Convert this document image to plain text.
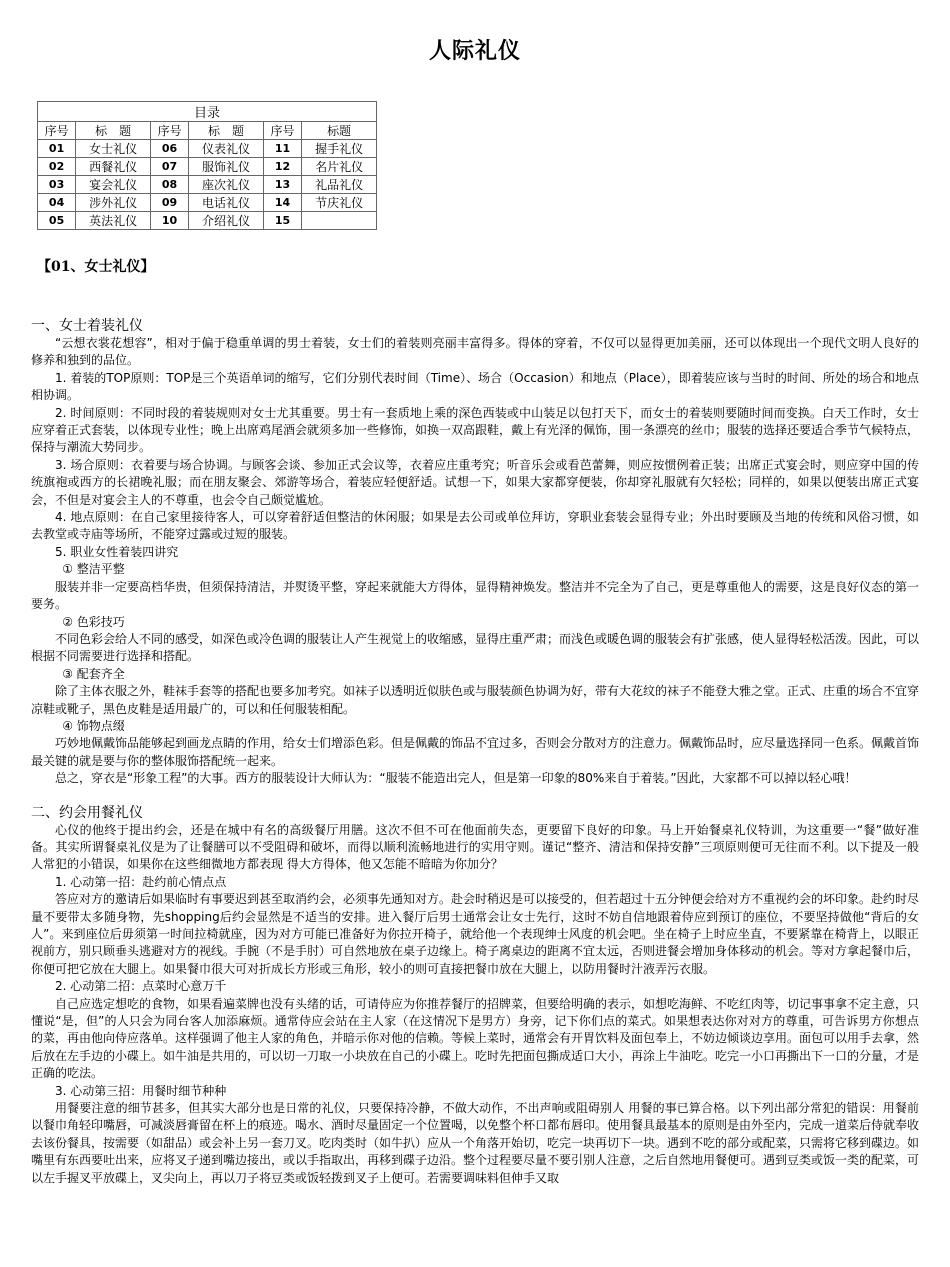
人际礼仪
目录					
序号	标　题	序号	标　题	序号	标题
01	女士礼仪	06	仪表礼仪	11	握手礼仪
02	西餐礼仪	07	服饰礼仪	12	名片礼仪
03	宴会礼仪	08	座次礼仪	13	礼品礼仪
04	涉外礼仪	09	电话礼仪	14	节庆礼仪
05	英法礼仪	10	介绍礼仪	15	
【01、女士礼仪】

一、女士着装礼仪

“云想衣裳花想容”，相对于偏于稳重单调的男士着装，女士们的着装则亮丽丰富得多。得体的穿着，不仅可以显得更加美丽，还可以体现出一个现代文明人良好的修养和独到的品位。

1. 着装的TOP原则：TOP是三个英语单词的缩写，它们分别代表时间（Time）、场合（Occasion）和地点（Place），即着装应该与当时的时间、所处的场合和地点相协调。

2. 时间原则：不同时段的着装规则对女士尤其重要。男士有一套质地上乘的深色西装或中山装足以包打天下，而女士的着装则要随时间而变换。白天工作时，女士应穿着正式套装，以体现专业性；晚上出席鸡尾酒会就须多加一些修饰，如换一双高跟鞋，戴上有光泽的佩饰，围一条漂亮的丝巾；服装的选择还要适合季节气候特点，保持与潮流大势同步。

3. 场合原则：衣着要与场合协调。与顾客会谈、参加正式会议等，衣着应庄重考究；听音乐会或看芭蕾舞，则应按惯例着正装；出席正式宴会时，则应穿中国的传统旗袍或西方的长裙晚礼服；而在朋友聚会、郊游等场合，着装应轻便舒适。试想一下，如果大家都穿便装，你却穿礼服就有欠轻松；同样的，如果以便装出席正式宴会，不但是对宴会主人的不尊重，也会令自己颇觉尴尬。

4. 地点原则：在自己家里接待客人，可以穿着舒适但整洁的休闲服；如果是去公司或单位拜访，穿职业套装会显得专业；外出时要顾及当地的传统和风俗习惯，如去教堂或寺庙等场所，不能穿过露或过短的服装。

5. 职业女性着装四讲究

① 整洁平整

服装并非一定要高档华贵，但须保持清洁，并熨烫平整，穿起来就能大方得体，显得精神焕发。整洁并不完全为了自己，更是尊重他人的需要，这是良好仪态的第一要务。

② 色彩技巧

不同色彩会给人不同的感受，如深色或冷色调的服装让人产生视觉上的收缩感，显得庄重严肃；而浅色或暖色调的服装会有扩张感，使人显得轻松活泼。因此，可以根据不同需要进行选择和搭配。

③ 配套齐全

除了主体衣服之外，鞋袜手套等的搭配也要多加考究。如袜子以透明近似肤色或与服装颜色协调为好，带有大花纹的袜子不能登大雅之堂。正式、庄重的场合不宜穿凉鞋或靴子，黑色皮鞋是适用最广的，可以和任何服装相配。

④ 饰物点缀

巧妙地佩戴饰品能够起到画龙点睛的作用，给女士们增添色彩。但是佩戴的饰品不宜过多，否则会分散对方的注意力。佩戴饰品时，应尽量选择同一色系。佩戴首饰最关键的就是要与你的整体服饰搭配统一起来。

总之，穿衣是“形象工程”的大事。西方的服装设计大师认为：“服装不能造出完人，但是第一印象的80%来自于着装。”因此，大家都不可以掉以轻心哦！

二、约会用餐礼仪

心仪的他终于提出约会，还是在城中有名的高级餐厅用膳。这次不但不可在他面前失态，更要留下良好的印象。马上开始餐桌礼仪特训，为这重要一“餐”做好准备。其实所谓餐桌礼仪是为了让餐膳可以不受阻碍和破坏，而得以顺利流畅地进行的实用守则。谨记“整齐、清洁和保持安静”三项原则便可无往而不利。以下提及一般人常犯的小错误，如果你在这些细微地方都表现 得大方得体，他又怎能不暗暗为你加分？

1. 心动第一招：赴约前心情点点

答应对方的邀请后如果临时有事要迟到甚至取消约会，必须事先通知对方。赴会时稍迟是可以接受的，但若超过十五分钟便会给对方不重视约会的坏印象。赴约时尽量不要带太多随身物，先shopping后约会显然是不适当的安排。进入餐厅后男士通常会让女士先行，这时不妨自信地跟着侍应到预订的座位，不要坚持做他“背后的女人”。来到座位后毋须第一时间拉椅就座，因为对方可能已准备好为你拉开椅子，就给他一个表现绅士风度的机会吧。坐在椅子上时应坐直，不要紧靠在椅背上，以眼正视前方，别只顾垂头逃避对方的视线。手腕（不是手肘）可自然地放在桌子边缘上。椅子离桌边的距离不宜太远，否则进餐会增加身体移动的机会。等对方拿起餐巾后，你便可把它放在大腿上。如果餐巾很大可对折成长方形或三角形，较小的则可直接把餐巾放在大腿上，以防用餐时汁液弄污衣服。

2. 心动第二招：点菜时心意万千

自己应选定想吃的食物，如果看遍菜牌也没有头绪的话，可请侍应为你推荐餐厅的招牌菜，但要给明确的表示，如想吃海鲜、不吃红肉等，切记事事拿不定主意，只懂说“是，但”的人只会为同台客人加添麻烦。通常侍应会站在主人家（在这情况下是男方）身旁，记下你们点的菜式。如果想表达你对对方的尊重，可告诉男方你想点的菜，再由他向侍应落单。这样强调了他主人家的角色，并暗示你对他的信赖。等候上菜时，通常会有开胃饮料及面包奉上，不妨边倾谈边享用。面包可以用手去拿，然后放在左手边的小碟上。如牛油是共用的，可以切一刀取一小块放在自己的小碟上。吃时先把面包撕成适口大小，再涂上牛油吃。吃完一小口再撕出下一口的分量，才是正确的吃法。

3. 心动第三招：用餐时细节种种

用餐要注意的细节甚多，但其实大部分也是日常的礼仪，只要保持冷静，不做大动作，不出声响或阻碍别人 用餐的事已算合格。以下列出部分常犯的错误：用餐前以餐巾角轻印嘴唇，可减淡唇膏留在杯上的痕迹。喝水、酒时尽量固定一个位置喝，以免整个杯口都布唇印。使用餐具最基本的原则是由外至内，完成一道菜后侍就奉收去该份餐具，按需要（如甜品）或会补上另一套刀叉。吃肉类时（如牛扒）应从一个角落开始切，吃完一块再切下一块。遇到不吃的部分或配菜，只需将它移到碟边。如嘴里有东西要吐出来，应将叉子递到嘴边接出，或以手指取出，再移到碟子边沿。整个过程要尽量不要引别人注意，之后自然地用餐便可。遇到豆类或饭一类的配菜，可以左手握叉平放碟上，叉尖向上，再以刀子将豆类或饭轻拨到叉子上便可。若需要调味料但伸手又取
